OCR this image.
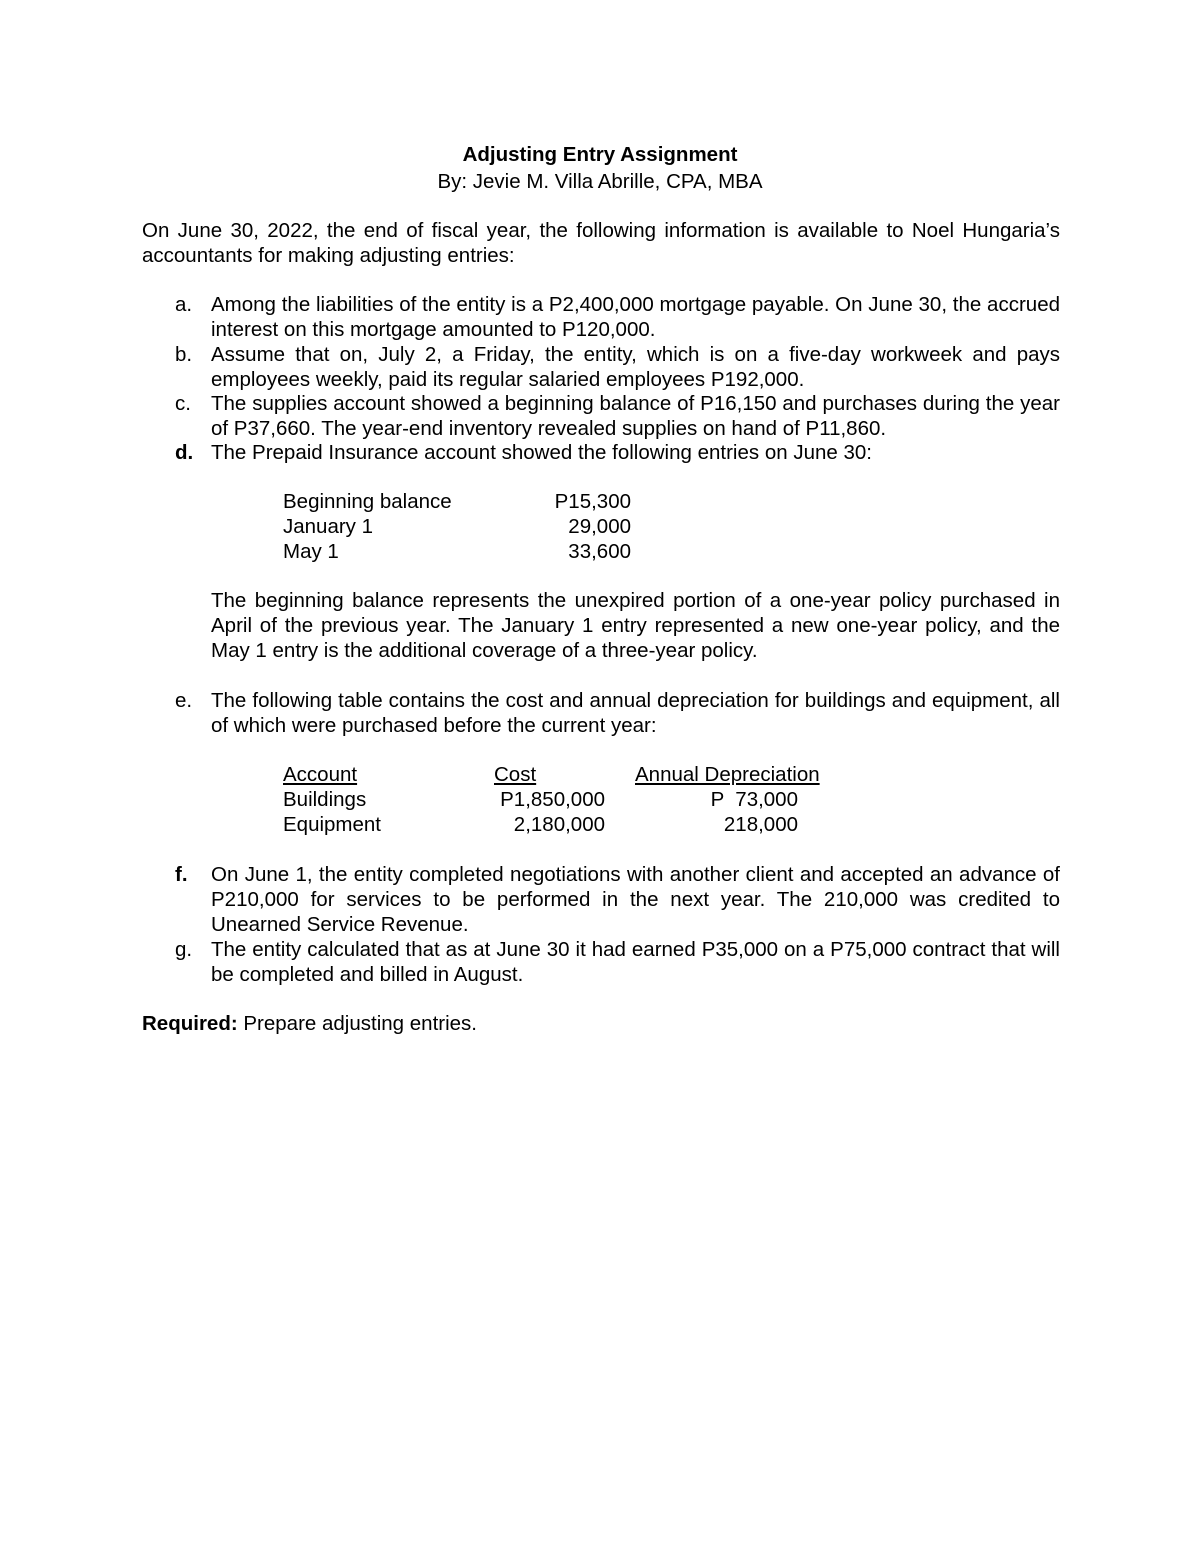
Adjusting Entry Assignment
By: Jevie M. Villa Abrille, CPA, MBA
On June 30, 2022, the end of fiscal year, the following information is available to Noel Hungaria’s accountants for making adjusting entries:
a. Among the liabilities of the entity is a P2,400,000 mortgage payable. On June 30, the accrued interest on this mortgage amounted to P120,000.
b. Assume that on, July 2, a Friday, the entity, which is on a five-day workweek and pays employees weekly, paid its regular salaried employees P192,000.
c. The supplies account showed a beginning balance of P16,150 and purchases during the year of P37,660. The year-end inventory revealed supplies on hand of P11,860.
d. The Prepaid Insurance account showed the following entries on June 30:
Beginning balance	P15,300
January 1	29,000
May 1	33,600
The beginning balance represents the unexpired portion of a one-year policy purchased in April of the previous year. The January 1 entry represented a new one-year policy, and the May 1 entry is the additional coverage of a three-year policy.
e. The following table contains the cost and annual depreciation for buildings and equipment, all of which were purchased before the current year:
Account	Cost	Annual Depreciation
Buildings	P1,850,000	P  73,000
Equipment	2,180,000	218,000
f.	On June 1, the entity completed negotiations with another client and accepted an advance of P210,000 for services to be performed in the next year. The 210,000 was credited to Unearned Service Revenue.
g. The entity calculated that as at June 30 it had earned P35,000 on a P75,000 contract that will be completed and billed in August.
Required: Prepare adjusting entries.
